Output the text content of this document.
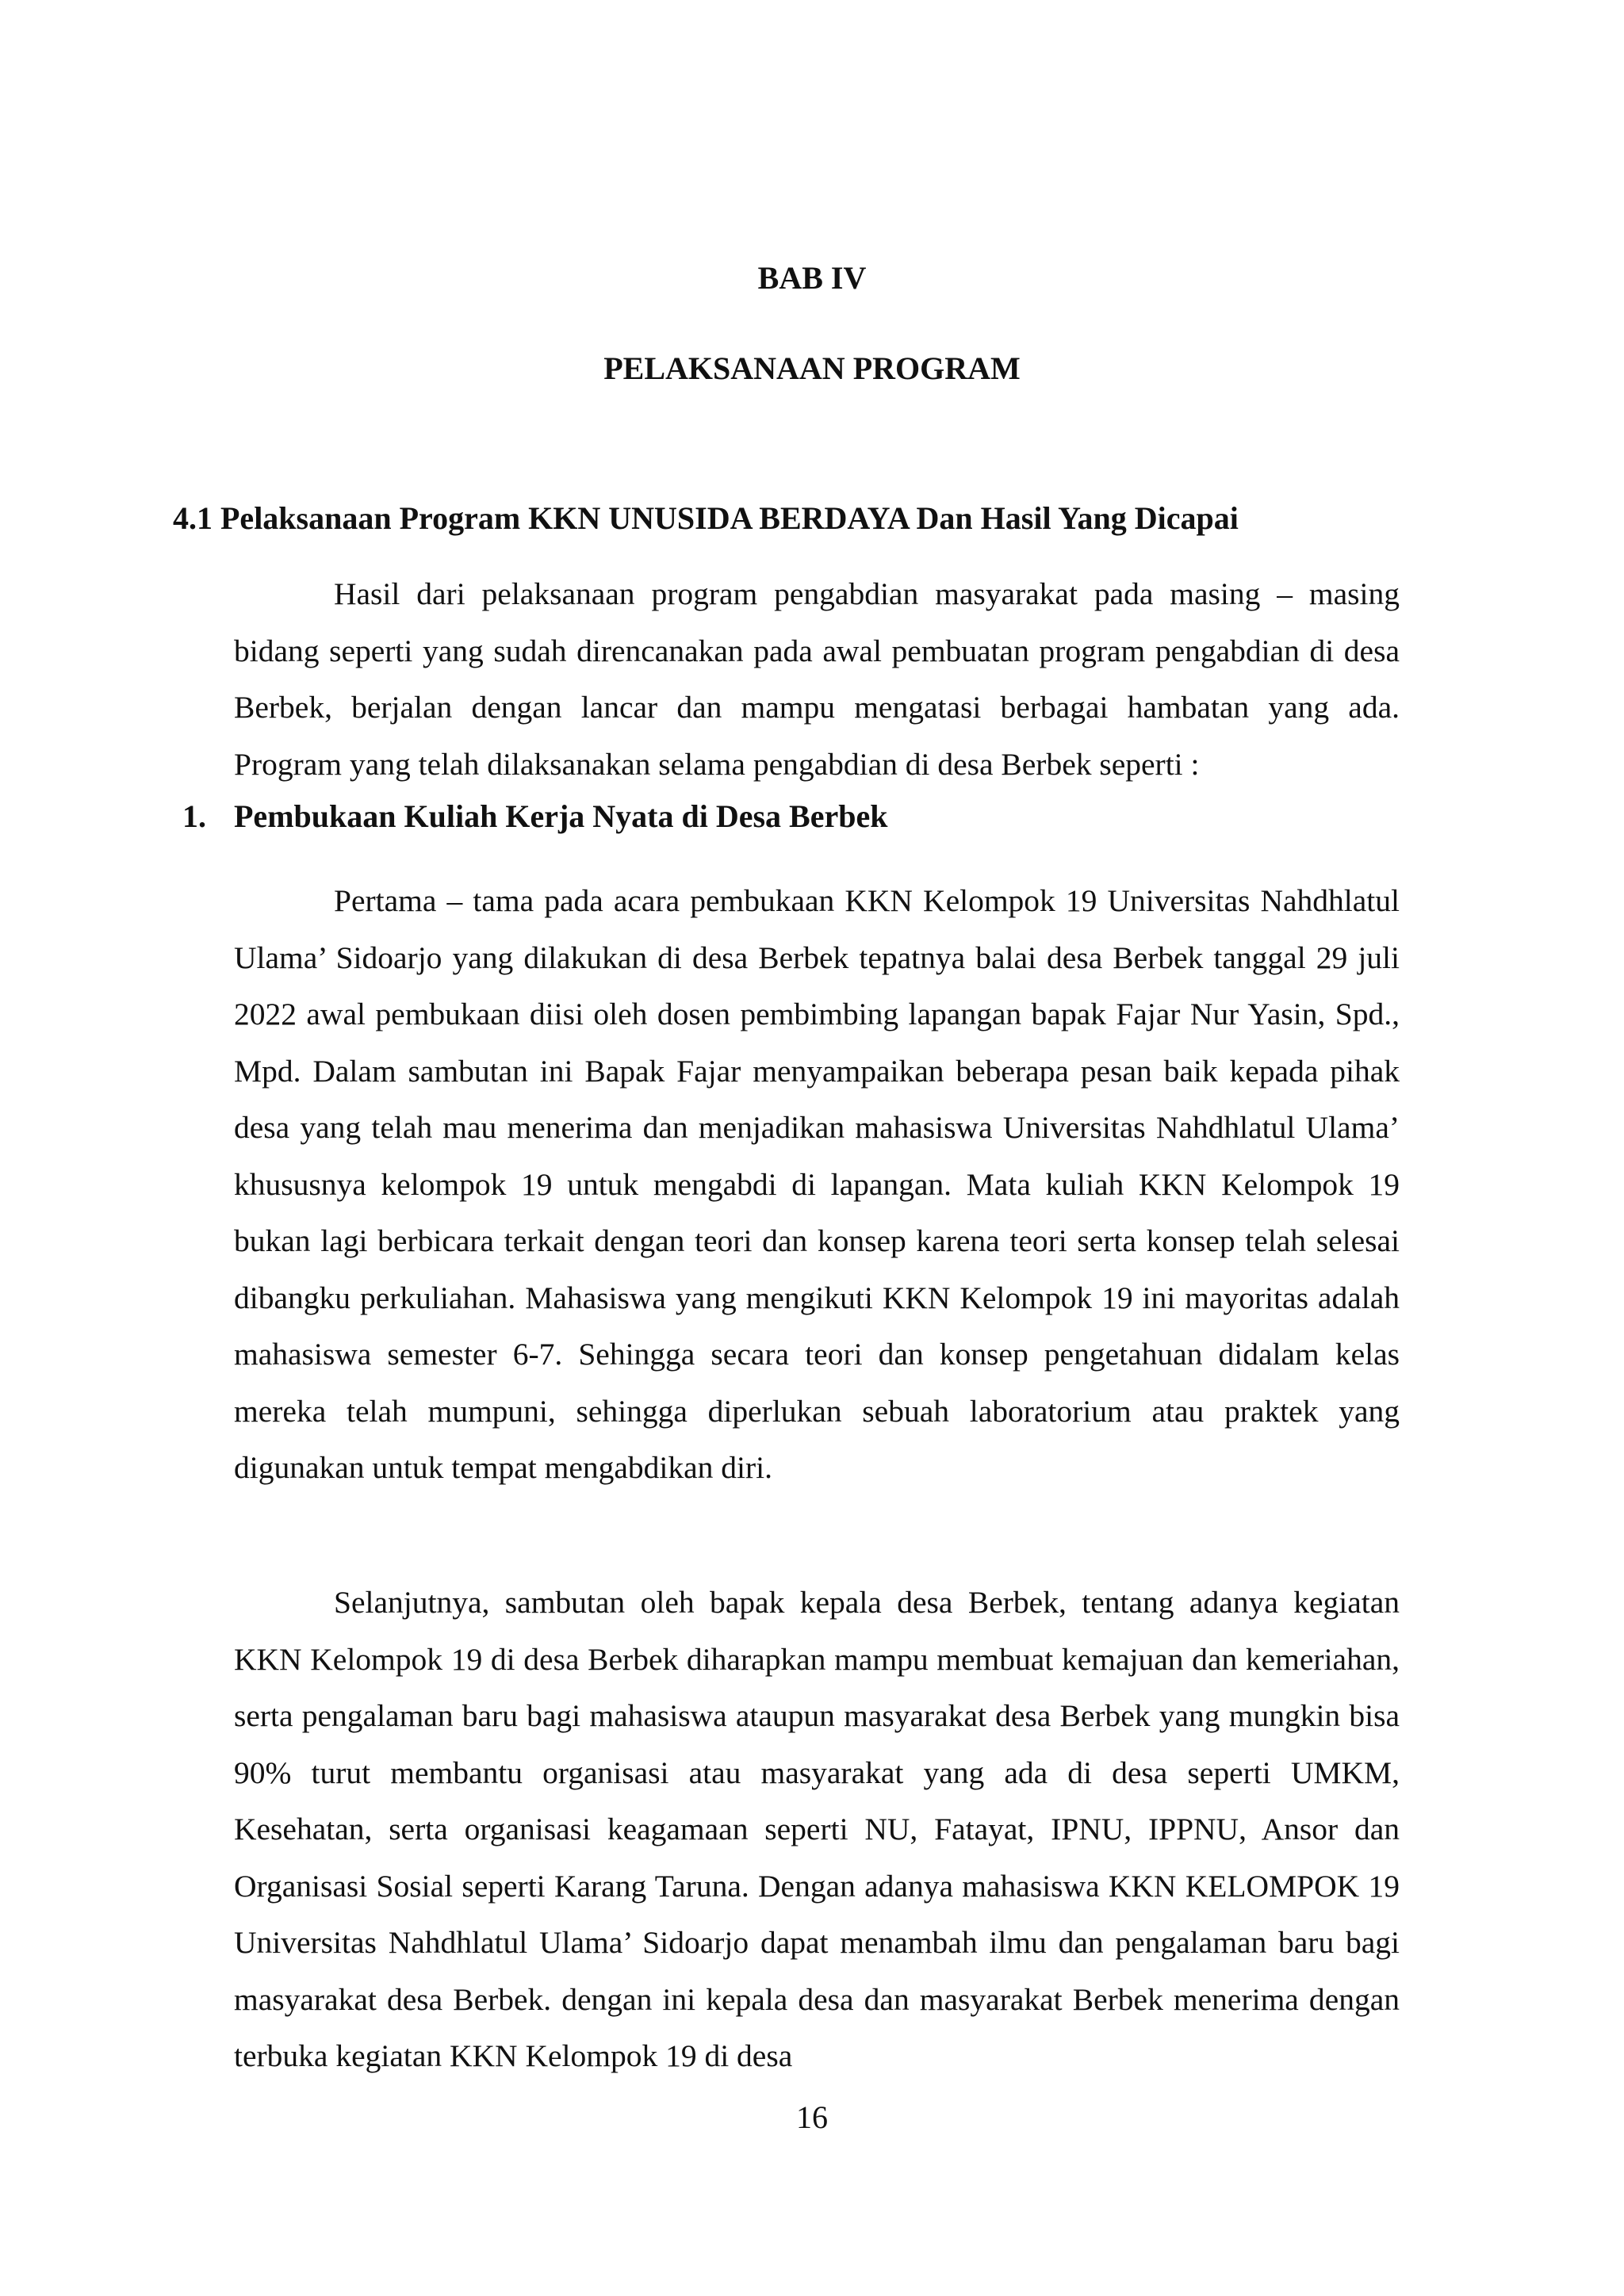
BAB IV

PELAKSANAAN PROGRAM

4.1 Pelaksanaan Program KKN UNUSIDA BERDAYA Dan Hasil Yang Dicapai

Hasil dari pelaksanaan program pengabdian masyarakat pada masing – masing bidang seperti yang sudah direncanakan pada awal pembuatan program pengabdian di desa Berbek, berjalan dengan lancar dan mampu mengatasi berbagai hambatan yang ada. Program yang telah dilaksanakan selama pengabdian di desa Berbek seperti :

1. Pembukaan Kuliah Kerja Nyata di Desa Berbek

Pertama – tama pada acara pembukaan KKN Kelompok 19 Universitas Nahdhlatul Ulama’ Sidoarjo yang dilakukan di desa Berbek tepatnya balai desa Berbek tanggal 29 juli 2022 awal pembukaan diisi oleh dosen pembimbing lapangan bapak Fajar Nur Yasin, Spd., Mpd. Dalam sambutan ini Bapak Fajar menyampaikan beberapa pesan baik kepada pihak desa yang telah mau menerima dan menjadikan mahasiswa Universitas Nahdhlatul Ulama’ khususnya kelompok 19 untuk mengabdi di lapangan. Mata kuliah KKN Kelompok 19 bukan lagi berbicara terkait dengan teori dan konsep karena teori serta konsep telah selesai dibangku perkuliahan. Mahasiswa yang mengikuti KKN Kelompok 19 ini mayoritas adalah mahasiswa semester 6-7. Sehingga secara teori dan konsep pengetahuan didalam kelas mereka telah mumpuni, sehingga diperlukan sebuah laboratorium atau praktek yang digunakan untuk tempat mengabdikan diri.

Selanjutnya, sambutan oleh bapak kepala desa Berbek, tentang adanya kegiatan KKN Kelompok 19 di desa Berbek diharapkan mampu membuat kemajuan dan kemeriahan, serta pengalaman baru bagi mahasiswa ataupun masyarakat desa Berbek yang mungkin bisa 90% turut membantu organisasi atau masyarakat yang ada di desa seperti UMKM, Kesehatan, serta organisasi keagamaan seperti NU, Fatayat, IPNU, IPPNU, Ansor dan Organisasi Sosial seperti Karang Taruna. Dengan adanya mahasiswa KKN KELOMPOK 19 Universitas Nahdhlatul Ulama’ Sidoarjo dapat menambah ilmu dan pengalaman baru bagi masyarakat desa Berbek. dengan ini kepala desa dan masyarakat Berbek menerima dengan terbuka kegiatan KKN Kelompok 19 di desa

16
